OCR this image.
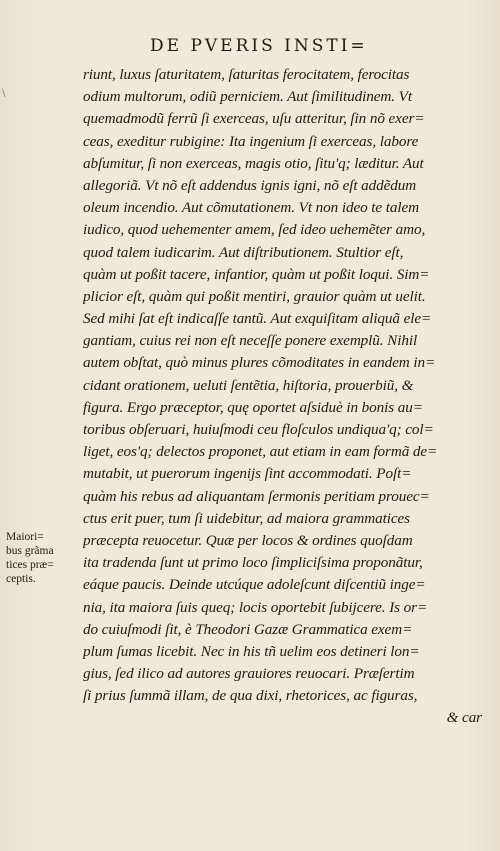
\
DE PVERIS INSTI=
Maiori=
bus grãma
tices præ=
ceptis.
riunt, luxus ſaturitatem, ſaturitas ferocitatem, ferocitas
odium multorum, odiũ perniciem. Aut ſimilitudinem. Vt
quemadmodũ ferrũ ſi exerceas, uſu atteritur, ſin nõ exer=
ceas, exeditur rubigine: Ita ingenium ſi exerceas, labore
abſumitur, ſi non exerceas, magis otio, ſitu'q; læditur. Aut
allegoriã. Vt nõ eſt addendus ignis igni, nõ eſt addẽdum
oleum incendio. Aut cõmutationem. Vt non ideo te talem
iudico, quod uehementer amem, ſed ideo uehemẽter amo,
quod talem iudicarim. Aut diſtributionem. Stultior eſt,
quàm ut poßit tacere, infantior, quàm ut poßit loqui. Sim=
plicior eſt, quàm qui poßit mentiri, grauior quàm ut uelit.
Sed mihi ſat eſt indicaſſe tantũ. Aut exquiſitam aliquã ele=
gantiam, cuius rei non eſt neceſſe ponere exemplũ. Nihil
autem obſtat, quò minus plures cõmoditates in eandem in=
cidant orationem, ueluti ſentẽtia, hiſtoria, prouerbiũ, &
figura. Ergo præceptor, quę oportet aſsiduè in bonis au=
toribus obſeruari, huiuſmodi ceu floſculos undiqua'q; col=
liget, eos'q; delectos proponet, aut etiam in eam formã de=
mutabit, ut puerorum ingenijs ſint accommodati. Poſt=
quàm his rebus ad aliquantam ſermonis peritiam prouec=
ctus erit puer, tum ſi uidebitur, ad maiora grammatices
præcepta reuocetur. Quæ per locos & ordines quoſdam
ita tradenda ſunt ut primo loco ſimpliciſsima proponãtur,
eáque paucis. Deinde utcúque adoleſcunt diſcentiũ inge=
nia, ita maiora ſuis queq; locis oportebit ſubijcere. Is or=
do cuiuſmodi ſit, è Theodori Gazæ Grammatica exem=
plum ſumas licebit. Nec in his tñ uelim eos detineri lon=
gius, ſed ilico ad autores grauiores reuocari. Præſertim
ſi prius ſummã illam, de qua dixi, rhetorices, ac figuras,
& car
